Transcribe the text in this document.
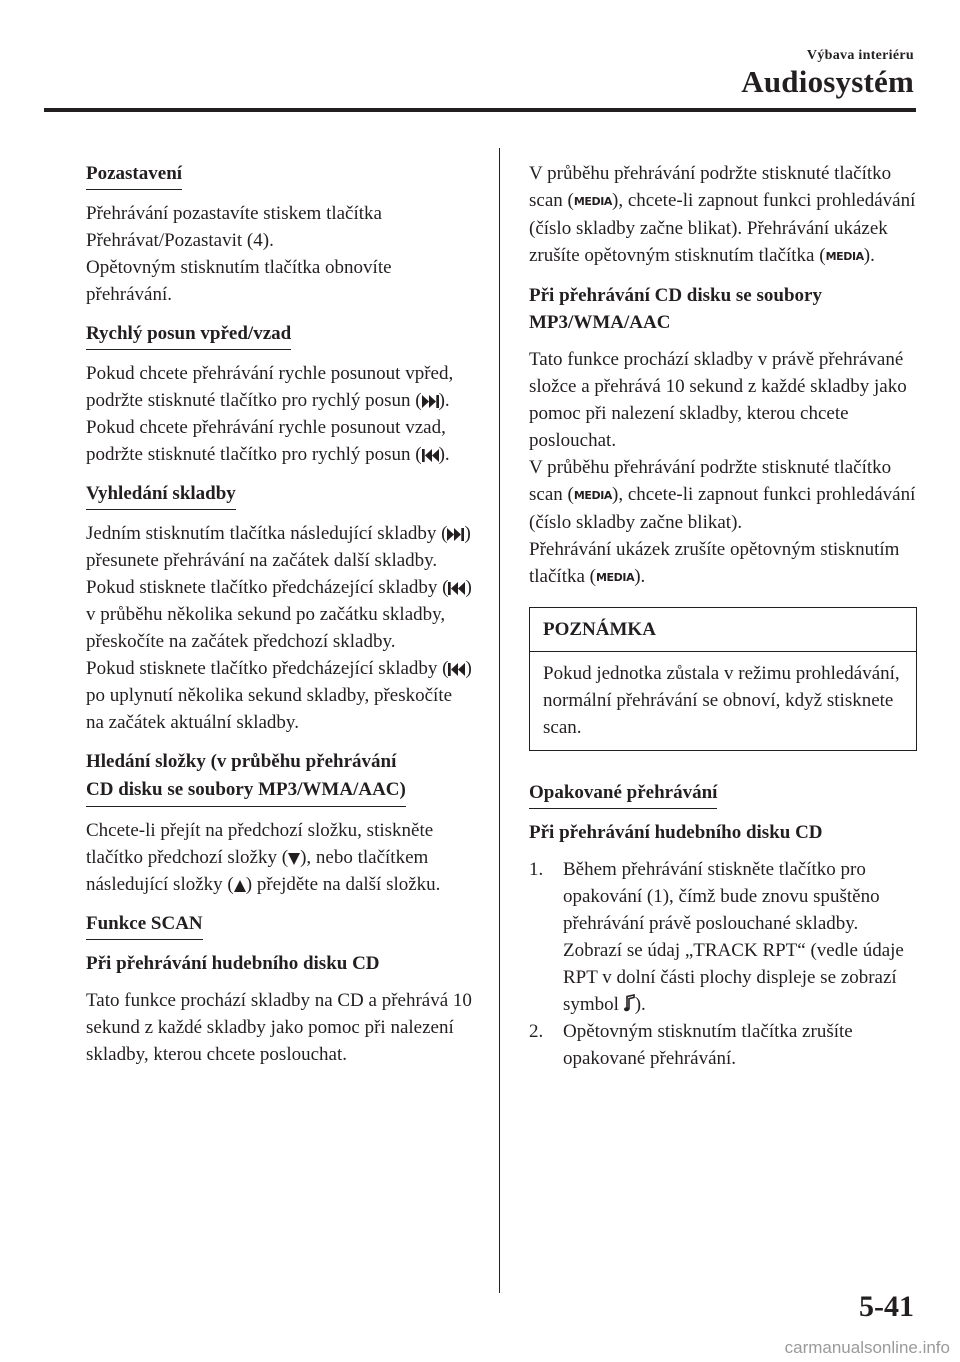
Výbava interiéru
Audiosystém
Pozastavení

Přehrávání pozastavíte stiskem tlačítka Přehrávat/Pozastavit (4).

Opětovným stisknutím tlačítka obnovíte přehrávání.

Rychlý posun vpřed/vzad

Pokud chcete přehrávání rychle posunout vpřed, podržte stisknuté tlačítko pro rychlý posun ( ). Pokud chcete přehrávání rychle posunout vzad, podržte stisknuté tlačítko pro rychlý posun ( ).

Vyhledání skladby

Jedním stisknutím tlačítka následující skladby ( ) přesunete přehrávání na začátek další skladby.

Pokud stisknete tlačítko předcházející skladby ( ) v průběhu několika sekund po začátku skladby, přeskočíte na začátek předchozí skladby.

Pokud stisknete tlačítko předcházející skladby ( ) po uplynutí několika sekund skladby, přeskočíte na začátek aktuální skladby.

Hledání složky (v průběhu přehrávání
CD disku se soubory MP3/WMA/AAC)

Chcete-li přejít na předchozí složku, stiskněte tlačítko předchozí složky ( ), nebo tlačítkem následující složky ( ) přejděte na další složku.

Funkce SCAN
Při přehrávání hudebního disku CD

Tato funkce prochází skladby na CD a přehrává 10 sekund z každé skladby jako pomoc při nalezení skladby, kterou chcete poslouchat.

V průběhu přehrávání podržte stisknuté tlačítko scan (MEDIA), chcete-li zapnout funkci prohledávání (číslo skladby začne blikat). Přehrávání ukázek zrušíte opětovným stisknutím tlačítka (MEDIA).

Při přehrávání CD disku se soubory MP3/WMA/AAC

Tato funkce prochází skladby v právě přehrávané složce a přehrává 10 sekund z každé skladby jako pomoc při nalezení skladby, kterou chcete poslouchat.

V průběhu přehrávání podržte stisknuté tlačítko scan (MEDIA), chcete-li zapnout funkci prohledávání (číslo skladby začne blikat).

Přehrávání ukázek zrušíte opětovným stisknutím tlačítka (MEDIA).

POZNÁMKA
Pokud jednotka zůstala v režimu prohledávání, normální přehrávání se obnoví, když stisknete scan.
Opakované přehrávání
Při přehrávání hudebního disku CD
1. Během přehrávání stiskněte tlačítko pro opakování (1), čímž bude znovu spuštěno přehrávání právě poslouchané skladby. Zobrazí se údaj „TRACK RPT“ (vedle údaje RPT v dolní části plochy displeje se zobrazí symbol ).
2. Opětovným stisknutím tlačítka zrušíte opakované přehrávání.
5-41
carmanualsonline.info
